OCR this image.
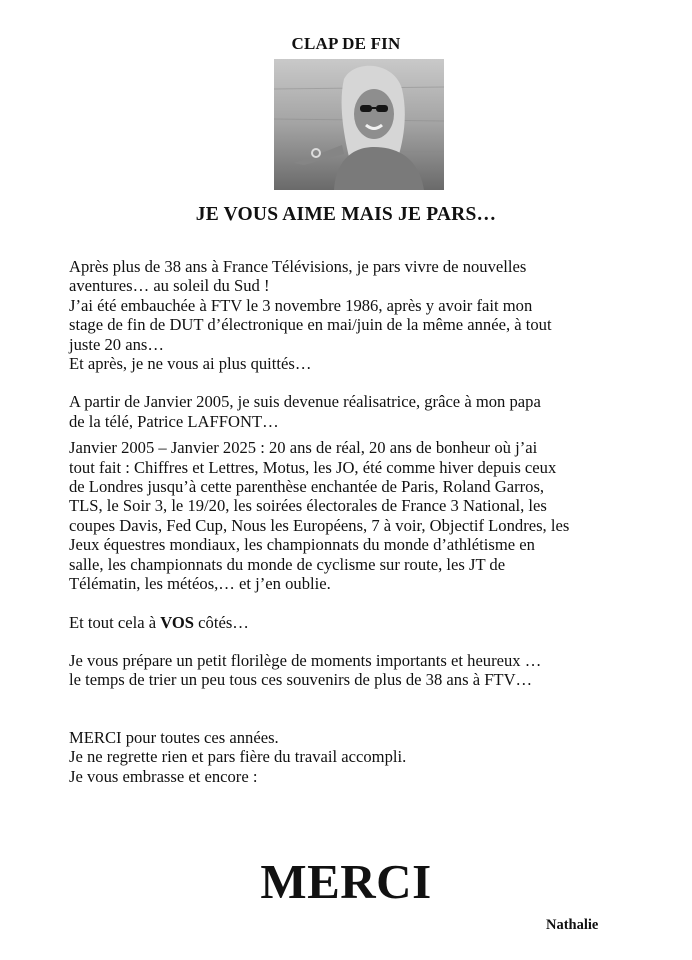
CLAP DE FIN
JE VOUS AIME MAIS JE PARS…

Après plus de 38 ans à France Télévisions, je pars vivre de nouvelles

aventures… au soleil du Sud !

J’ai été embauchée à FTV le 3 novembre 1986, après y avoir fait mon

stage de fin de DUT d’électronique en mai/juin de la même année, à tout

juste 20 ans…

Et après, je ne vous ai plus quittés…

A partir de Janvier 2005, je suis devenue réalisatrice, grâce à mon papa

de la télé, Patrice LAFFONT…

Janvier 2005 – Janvier 2025 : 20 ans de réal, 20 ans de bonheur où j’ai

tout fait : Chiffres et Lettres, Motus, les JO, été comme hiver depuis ceux

de Londres jusqu’à cette parenthèse enchantée de Paris, Roland Garros,

TLS, le Soir 3, le 19/20, les soirées électorales de France 3 National, les

coupes Davis, Fed Cup, Nous les Européens, 7 à voir, Objectif Londres, les

Jeux équestres mondiaux, les championnats du monde d’athlétisme en

salle, les championnats du monde de cyclisme sur route, les JT de

Télématin, les météos,… et j’en oublie.

Et tout cela à VOS côtés…

Je vous prépare un petit florilège de moments importants et heureux …

le temps de trier un peu tous ces souvenirs de plus de 38 ans à FTV…

MERCI pour toutes ces années.

Je ne regrette rien et pars fière du travail accompli.

Je vous embrasse et encore :

MERCI
Nathalie
